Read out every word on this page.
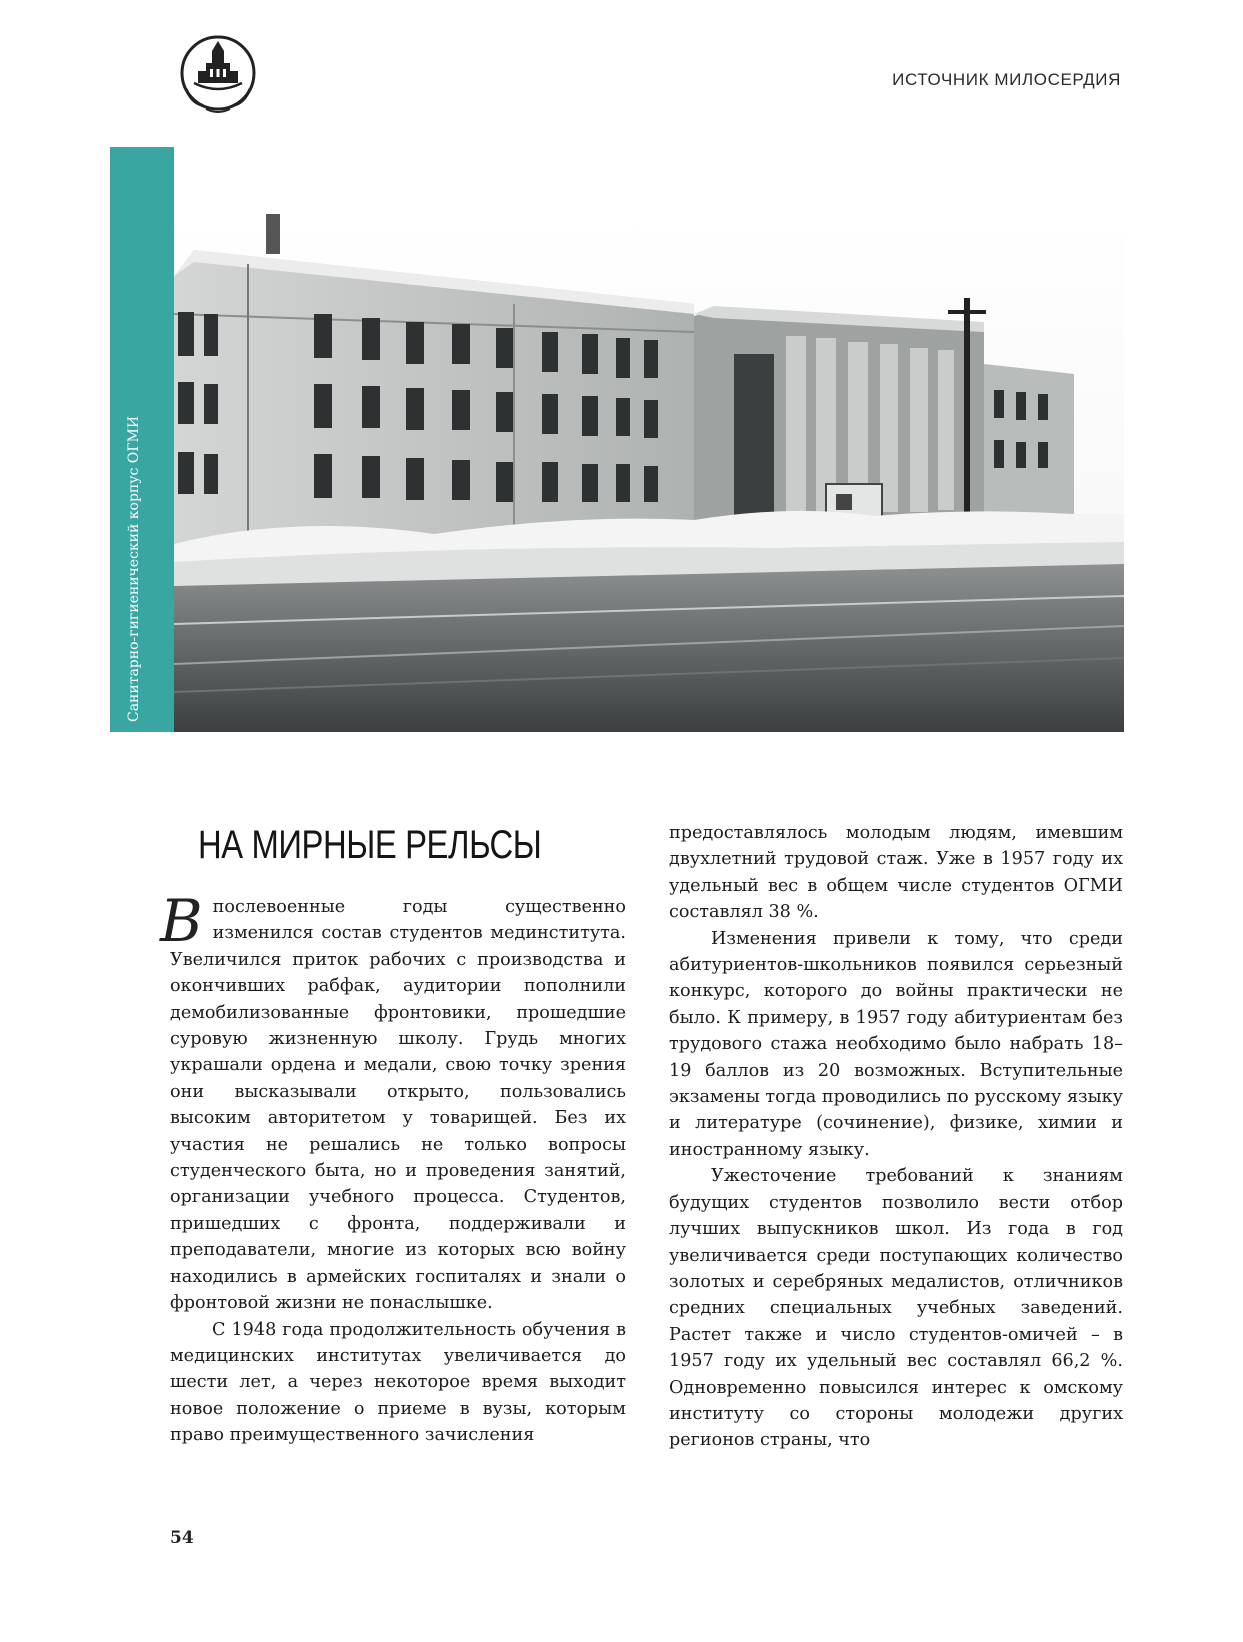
ИСТОЧНИК МИЛОСЕРДИЯ
Санитарно-гигиенический корпус ОГМИ
НА МИРНЫЕ РЕЛЬСЫ

Впослевоенные годы существенно изменился состав студентов мединститута. Увеличился приток рабочих с производства и окончивших рабфак, аудитории пополнили демобилизованные фронтовики, прошедшие суровую жизненную школу. Грудь многих украшали ордена и медали, свою точку зрения они высказывали открыто, пользовались высоким авторитетом у товарищей. Без их участия не решались не только вопросы студенческого быта, но и проведения занятий, организации учебного процесса. Студентов, пришедших с фронта, поддерживали и преподаватели, многие из которых всю войну находились в армейских госпиталях и знали о фронтовой жизни не понаслышке.

С 1948 года продолжительность обучения в медицинских институтах увеличивается до шести лет, а через некоторое время выходит новое положение о приеме в вузы, которым право преимущественного зачисления

предоставлялось молодым людям, имевшим двухлетний трудовой стаж. Уже в 1957 году их удельный вес в общем числе студентов ОГМИ составлял 38 %.

Изменения привели к тому, что среди абитуриентов-школьников появился серьезный конкурс, которого до войны практически не было. К примеру, в 1957 году абитуриентам без трудового стажа необходимо было набрать 18–19 баллов из 20 возможных. Вступительные экзамены тогда проводились по русскому языку и литературе (сочинение), физике, химии и иностранному языку.

Ужесточение требований к знаниям будущих студентов позволило вести отбор лучших выпускников школ. Из года в год увеличивается среди поступающих количество золотых и серебряных медалистов, отличников средних специальных учебных заведений. Растет также и число студентов-омичей – в 1957 году их удельный вес составлял 66,2 %. Одновременно повысился интерес к омскому институту со стороны молодежи других регионов страны, что

54
